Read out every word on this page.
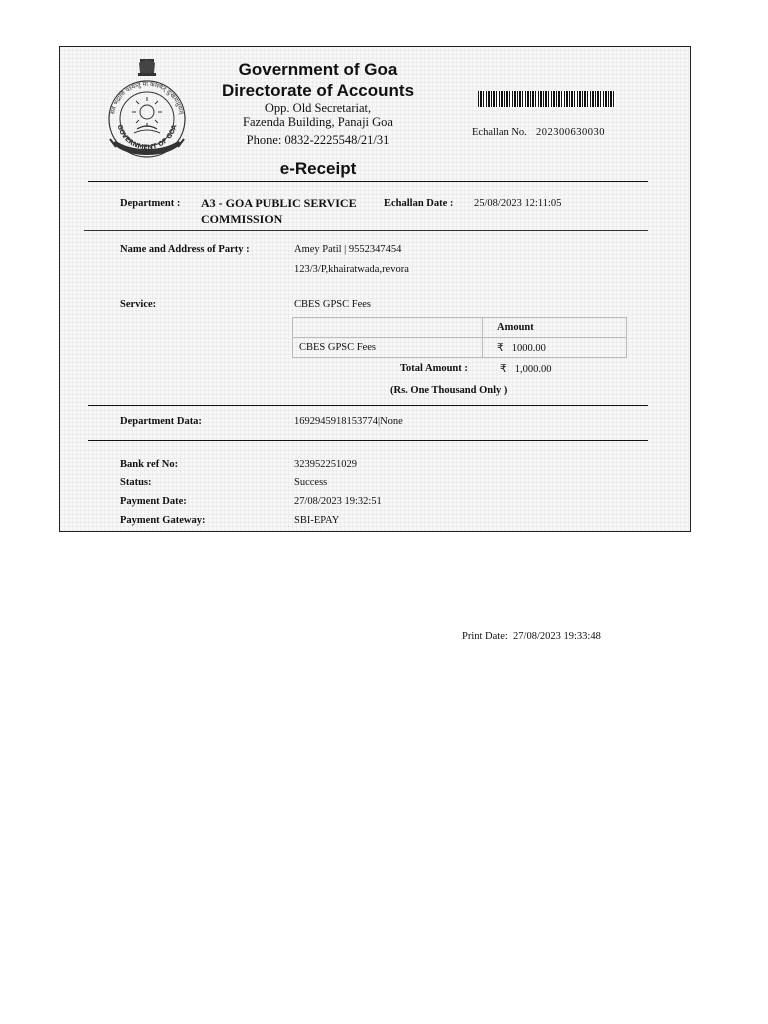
सर्वे भद्राणि पश्यन्तु मा कश्चित् दुःखमाप्नुयात्
GOVERNMENT OF GOA
Government of Goa
Directorate of Accounts
Opp. Old Secretariat,
Fazenda Building, Panaji Goa
Phone: 0832-2225548/21/31
Echallan No. 202300630030
e-Receipt
Department : A3 - GOA PUBLIC SERVICE
COMMISSION
Echallan Date : 25/08/2023 12:11:05
Name and Address of Party :	Amey Patil | 9552347454
123/3/P,khairatwada,revora
Service:	CBES GPSC Fees
	Amount
CBES GPSC Fees	₹ 1000.00
Total Amount :	₹ 1,000.00
(Rs. One Thousand Only )
Department Data:	1692945918153774|None
Bank ref No:	323952251029
Status:	Success
Payment Date:	27/08/2023 19:32:51
Payment Gateway:	SBI-EPAY
Print Date: 27/08/2023 19:33:48
